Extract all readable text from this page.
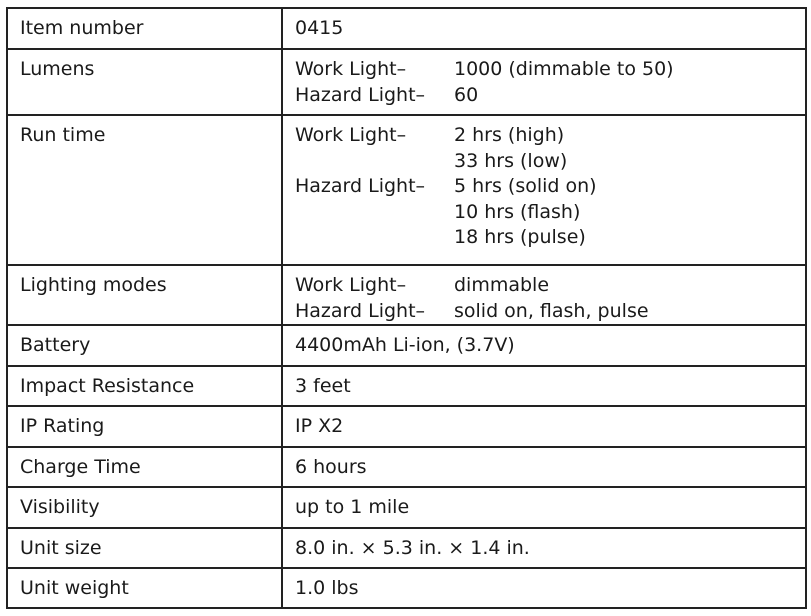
Item number	0415
Lumens	Work Light– 1000 (dimmable to 50)
Hazard Light– 60

Run time	Work Light–	2 hrs (high)
33 hrs (low)
Hazard Light–	5 hrs (solid on)
10 hrs (flash)
18 hrs (pulse)

Lighting modes	Work Light– dimmable
Hazard Light– solid on, flash, pulse

Battery	4400mAh Li-ion, (3.7V)
Impact Resistance	3 feet
IP Rating	IP X2
Charge Time	6 hours
Visibility	up to 1 mile
Unit size	8.0 in. × 5.3 in. × 1.4 in.
Unit weight	1.0 lbs
